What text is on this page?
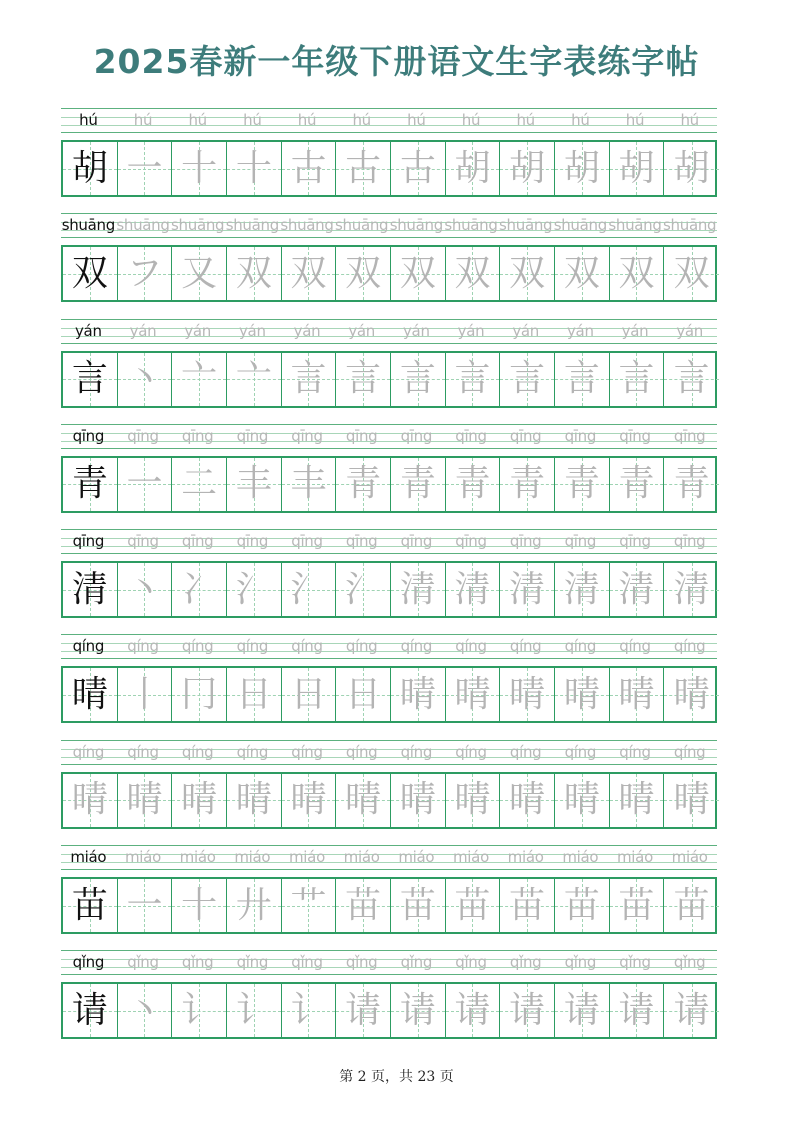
2025春新一年级下册语文生字表练字帖
hú	hú	hú	hú	hú	hú	hú	hú	hú	hú	hú	hú
胡 一 十 十 古 古 古 胡 胡 胡 胡 胡
shuāng shuāng shuāng shuāng shuāng shuāng shuāng shuāng shuāng shuāng shuāng shuāng
双 フ 又 双 双 双 双 双 双 双 双 双
yán	yán	yán	yán	yán	yán	yán	yán	yán	yán	yán	yán
言 丶 亠 亠 言 言 言 言 言 言 言 言
qīng	qīng	qīng	qīng	qīng	qīng	qīng	qīng	qīng	qīng	qīng	qīng
青 一 二 丰 丰 青 青 青 青 青 青 青
qīng	qīng	qīng	qīng	qīng	qīng	qīng	qīng	qīng	qīng	qīng	qīng
清 丶 冫 氵 氵 氵 清 清 清 清 清 清
qíng	qíng	qíng	qíng	qíng	qíng	qíng	qíng	qíng	qíng	qíng	qíng
晴 丨 冂 日 日 日 晴 晴 晴 晴 晴 晴
qíng	qíng	qíng	qíng	qíng	qíng	qíng	qíng	qíng	qíng	qíng	qíng
晴 晴 晴 晴 晴 晴 晴 晴 晴 晴 晴 晴
miáo	miáo	miáo	miáo	miáo	miáo	miáo	miáo	miáo	miáo	miáo	miáo
苗 一 十 廾 艹 苗 苗 苗 苗 苗 苗 苗
qǐng	qǐng	qǐng	qǐng	qǐng	qǐng	qǐng	qǐng	qǐng	qǐng	qǐng	qǐng
请 丶 讠 讠 讠 请 请 请 请 请 请 请
第 2 页，共 23 页
